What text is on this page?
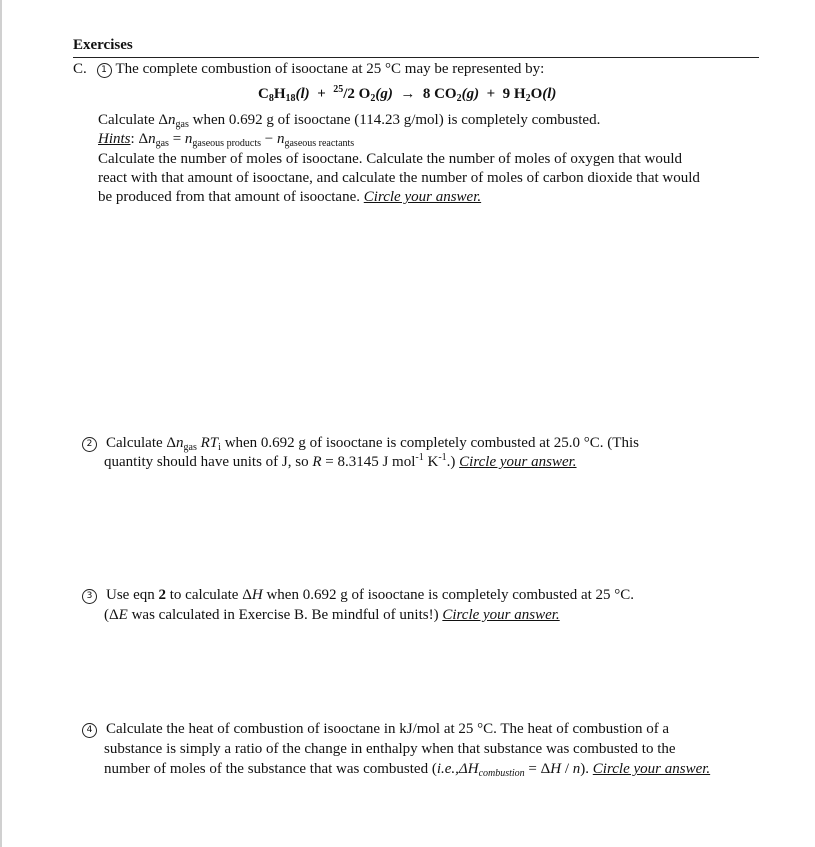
Exercises
C. 1 The complete combustion of isooctane at 25 °C may be represented by:
$C_8H_{18}(l) + ^{25}/2$ $O_2(g) \to 8$ $CO_2(g) + 9$ $H_2O(l)$
Calculate $\Delta n_{gas}$ when 0.692 g of isooctane (114.23 g/mol) is completely combusted.
Hints: $\Delta n_{gas} = n_{gaseous products} - n_{gaseous reactants}$
Calculate the number of moles of isooctane. Calculate the number of moles of oxygen that would
react with that amount of isooctane, and calculate the number of moles of carbon dioxide that would
be produced from that amount of isooctane. Circle your answer.
2 Calculate $\Delta n_{gas}$ $RT_i$ when 0.692 g of isooctane is completely combusted at 25.0 °C. (This
quantity should have units of J, so R = 8.3145 J mol$^{-1}$ $K^{-1}$.) Circle your answer.
3 Use eqn 2 to calculate ΔH when 0.692 g of isooctane is completely combusted at 25 °C.
(ΔE was calculated in Exercise B. Be mindful of units!) Circle your answer.
4 Calculate the heat of combustion of isooctane in kJ/mol at 25 °C. The heat of combustion of a
substance is simply a ratio of the change in enthalpy when that substance was combusted to the
number of moles of the substance that was combusted $(i.e.,\Delta H_{combustion} = \Delta H / n)$. Circle your answer.
